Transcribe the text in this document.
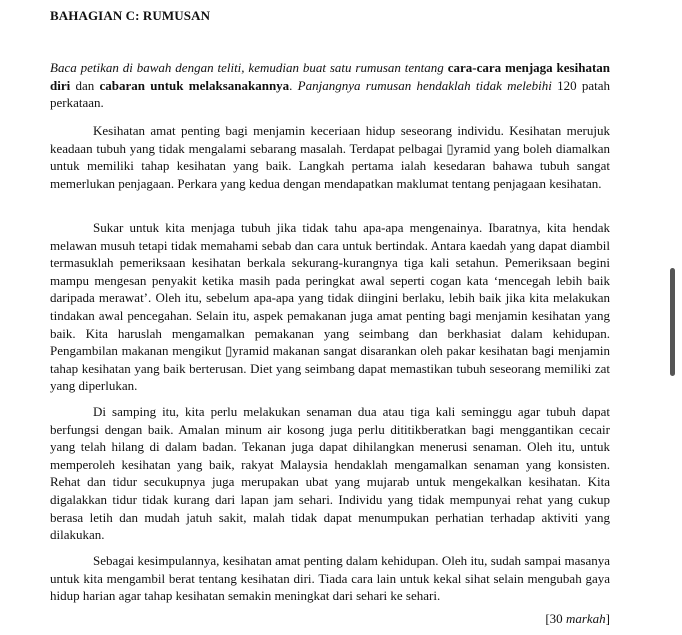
BAHAGIAN C: RUMUSAN
Baca petikan di bawah dengan teliti, kemudian buat satu rumusan tentang cara-cara menjaga kesihatan diri dan cabaran untuk melaksanakannya. Panjangnya rumusan hendaklah tidak melebihi 120 patah perkataan.

Kesihatan amat penting bagi menjamin keceriaan hidup seseorang individu. Kesihatan merujuk keadaan tubuh yang tidak mengalami sebarang masalah. Terdapat pelbagai ▯yramid yang boleh diamalkan untuk memiliki tahap kesihatan yang baik. Langkah pertama ialah kesedaran bahawa tubuh sangat memerlukan penjagaan. Perkara yang kedua dengan mendapatkan maklumat tentang penjagaan kesihatan.

Sukar untuk kita menjaga tubuh jika tidak tahu apa-apa mengenainya. Ibaratnya, kita hendak melawan musuh tetapi tidak memahami sebab dan cara untuk bertindak. Antara kaedah yang dapat diambil termasuklah pemeriksaan kesihatan berkala sekurang-kurangnya tiga kali setahun. Pemeriksaan begini mampu mengesan penyakit ketika masih pada peringkat awal seperti cogan kata ‘mencegah lebih baik daripada merawat’. Oleh itu, sebelum apa-apa yang tidak diingini berlaku, lebih baik jika kita melakukan tindakan awal pencegahan. Selain itu, aspek pemakanan juga amat penting bagi menjamin kesihatan yang baik. Kita haruslah mengamalkan pemakanan yang seimbang dan berkhasiat dalam kehidupan. Pengambilan makanan mengikut ▯yramid makanan sangat disarankan oleh pakar kesihatan bagi menjamin tahap kesihatan yang baik berterusan. Diet yang seimbang dapat memastikan tubuh seseorang memiliki zat yang diperlukan.

Di samping itu, kita perlu melakukan senaman dua atau tiga kali seminggu agar tubuh dapat berfungsi dengan baik. Amalan minum air kosong juga perlu dititikberatkan bagi menggantikan cecair yang telah hilang di dalam badan. Tekanan juga dapat dihilangkan menerusi senaman. Oleh itu, untuk memperoleh kesihatan yang baik, rakyat Malaysia hendaklah mengamalkan senaman yang konsisten. Rehat dan tidur secukupnya juga merupakan ubat yang mujarab untuk mengekalkan kesihatan. Kita digalakkan tidur tidak kurang dari lapan jam sehari. Individu yang tidak mempunyai rehat yang cukup berasa letih dan mudah jatuh sakit, malah tidak dapat menumpukan perhatian terhadap aktiviti yang dilakukan.

Sebagai kesimpulannya, kesihatan amat penting dalam kehidupan. Oleh itu, sudah sampai masanya untuk kita mengambil berat tentang kesihatan diri. Tiada cara lain untuk kekal sihat selain mengubah gaya hidup harian agar tahap kesihatan semakin meningkat dari sehari ke sehari.

[30 markah]
